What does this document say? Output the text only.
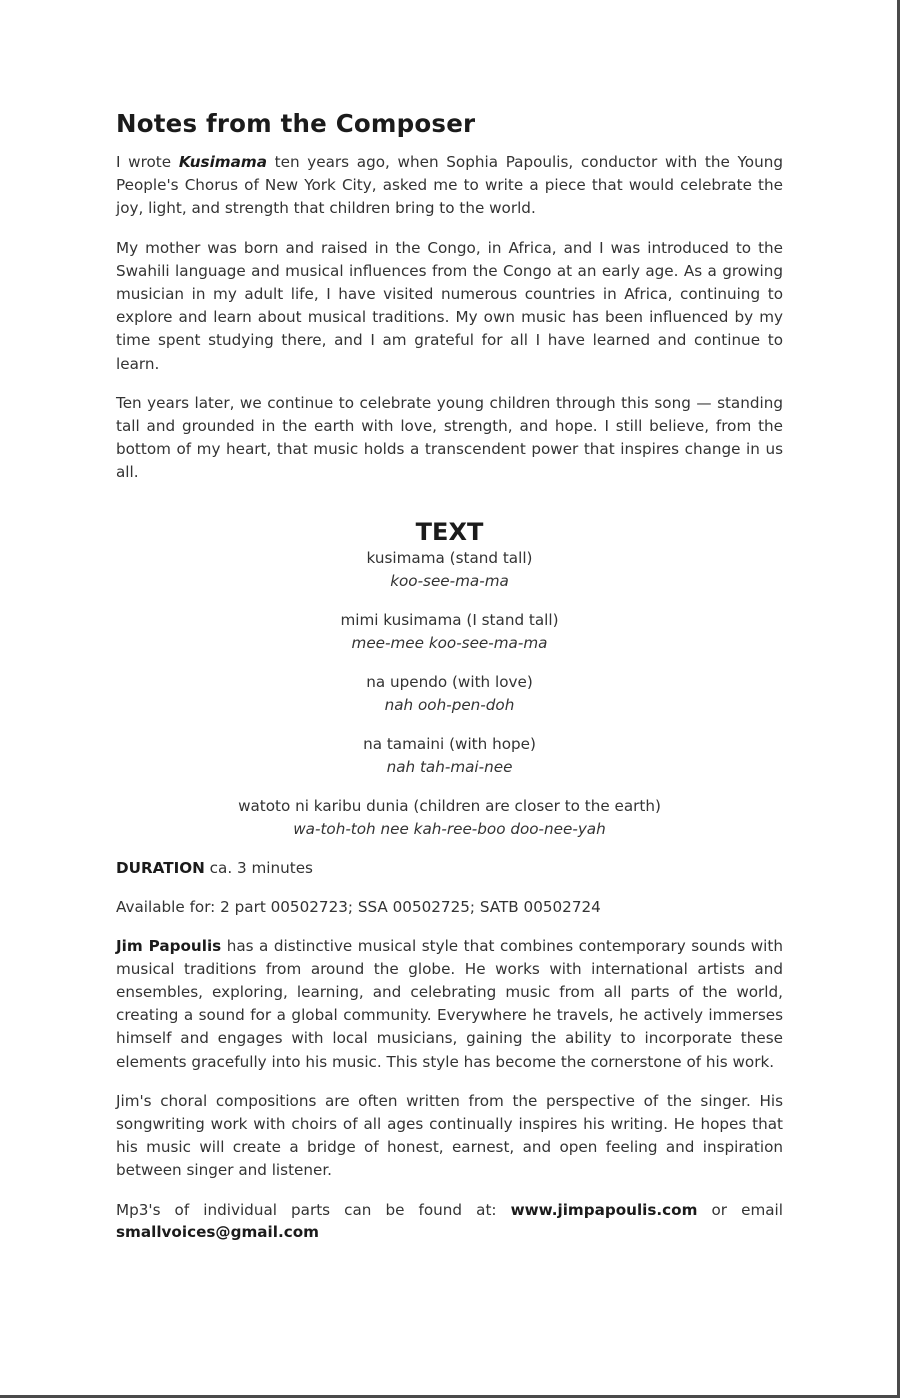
Notes from the Composer

I wrote Kusimama ten years ago, when Sophia Papoulis, conductor with the Young People's Chorus of New York City, asked me to write a piece that would celebrate the joy, light, and strength that children bring to the world.

My mother was born and raised in the Congo, in Africa, and I was introduced to the Swahili language and musical influences from the Congo at an early age. As a growing musician in my adult life, I have visited numerous countries in Africa, continuing to explore and learn about musical traditions. My own music has been influenced by my time spent studying there, and I am grateful for all I have learned and continue to learn.

Ten years later, we continue to celebrate young children through this song — standing tall and grounded in the earth with love, strength, and hope. I still believe, from the bottom of my heart, that music holds a transcendent power that inspires change in us all.

TEXT
kusimama (stand tall)
koo-see-ma-ma
mimi kusimama (I stand tall)
mee-mee koo-see-ma-ma
na upendo (with love)
nah ooh-pen-doh
na tamaini (with hope)
nah tah-mai-nee
watoto ni karibu dunia (children are closer to the earth)
wa-toh-toh nee kah-ree-boo doo-nee-yah
DURATION ca. 3 minutes
Available for: 2 part 00502723; SSA 00502725; SATB 00502724

Jim Papoulis has a distinctive musical style that combines contemporary sounds with musical traditions from around the globe. He works with international artists and ensembles, exploring, learning, and celebrating music from all parts of the world, creating a sound for a global community. Everywhere he travels, he actively immerses himself and engages with local musicians, gaining the ability to incorporate these elements gracefully into his music. This style has become the cornerstone of his work.

Jim's choral compositions are often written from the perspective of the singer. His songwriting work with choirs of all ages continually inspires his writing. He hopes that his music will create a bridge of honest, earnest, and open feeling and inspiration between singer and listener.

Mp3's of individual parts can be found at: www.jimpapoulis.com or email

smallvoices@gmail.com
